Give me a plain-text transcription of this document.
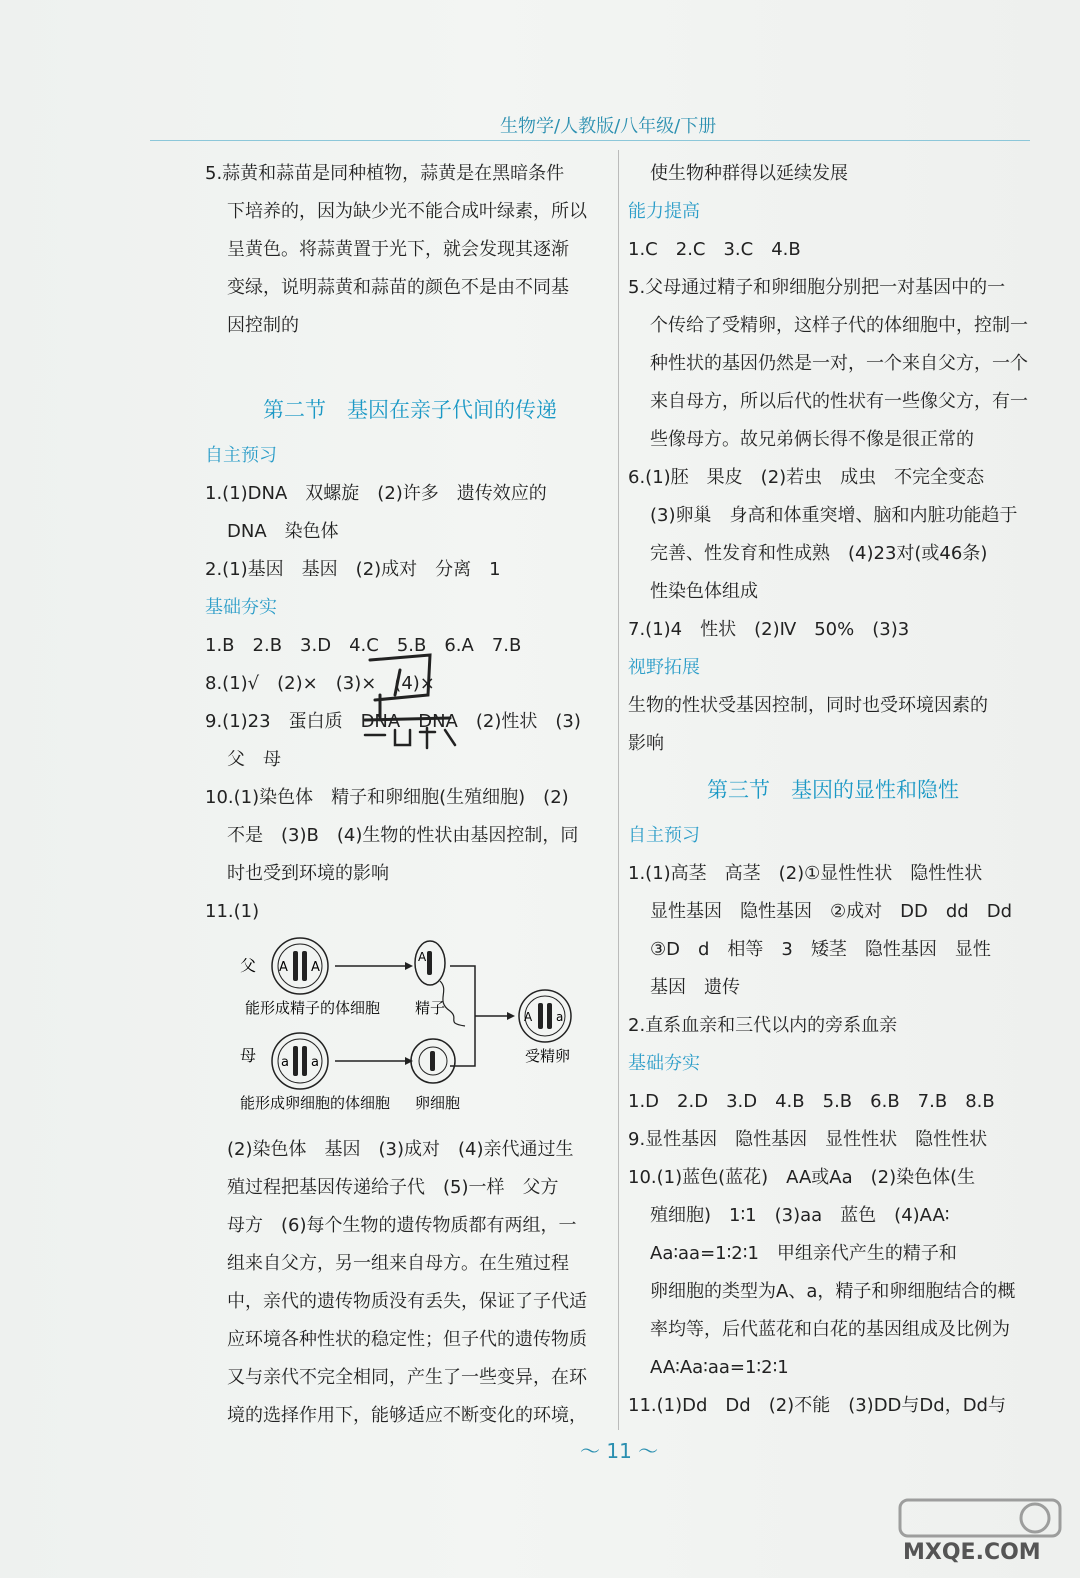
生物学/人教版/八年级/下册
5.蒜黄和蒜苗是同种植物，蒜黄是在黑暗条件
下培养的，因为缺少光不能合成叶绿素，所以
呈黄色。将蒜黄置于光下，就会发现其逐渐
变绿，说明蒜黄和蒜苗的颜色不是由不同基
因控制的
第二节　基因在亲子代间的传递
自主预习
1.(1)DNA　双螺旋　(2)许多　遗传效应的
DNA　染色体
2.(1)基因　基因　(2)成对　分离　1
基础夯实
1.B　2.B　3.D　4.C　5.B　6.A　7.B
8.(1)√　(2)×　(3)×　(4)×
9.(1)23　蛋白质　DNA　DNA　(2)性状　(3)
父　母
10.(1)染色体　精子和卵细胞(生殖细胞)　(2)
不是　(3)B　(4)生物的性状由基因控制，同
时也受到环境的影响
11.(1)
父 A A
能形成精子的体细胞
A
精子	A a
受精卵
母 a a
能形成卵细胞的体细胞 卵细胞
(2)染色体　基因　(3)成对　(4)亲代通过生
殖过程把基因传递给子代　(5)一样　父方
母方　(6)每个生物的遗传物质都有两组，一
组来自父方，另一组来自母方。在生殖过程
中，亲代的遗传物质没有丢失，保证了子代适
应环境各种性状的稳定性；但子代的遗传物质
又与亲代不完全相同，产生了一些变异，在环
境的选择作用下，能够适应不断变化的环境，
使生物种群得以延续发展
能力提高
1.C　2.C　3.C　4.B
5.父母通过精子和卵细胞分别把一对基因中的一
个传给了受精卵，这样子代的体细胞中，控制一
种性状的基因仍然是一对，一个来自父方，一个
来自母方，所以后代的性状有一些像父方，有一
些像母方。故兄弟俩长得不像是很正常的
6.(1)胚　果皮　(2)若虫　成虫　不完全变态
(3)卵巢　身高和体重突增、脑和内脏功能趋于
完善、性发育和性成熟　(4)23对(或46条)
性染色体组成
7.(1)4　性状　(2)Ⅳ　50%　(3)3
视野拓展
生物的性状受基因控制，同时也受环境因素的
影响
第三节　基因的显性和隐性
自主预习
1.(1)高茎　高茎　(2)①显性性状　隐性性状
显性基因　隐性基因　②成对　DD　dd　Dd
③D　d　相等　3　矮茎　隐性基因　显性
基因　遗传
2.直系血亲和三代以内的旁系血亲
基础夯实
1.D　2.D　3.D　4.B　5.B　6.B　7.B　8.B
9.显性基因　隐性基因　显性性状　隐性性状
10.(1)蓝色(蓝花)　AA或Aa　(2)染色体(生
殖细胞)　1∶1　(3)aa　蓝色　(4)AA∶
Aa∶aa=1∶2∶1　甲组亲代产生的精子和
卵细胞的类型为A、a，精子和卵细胞结合的概
率均等，后代蓝花和白花的基因组成及比例为
AA∶Aa∶aa=1∶2∶1
11.(1)Dd　Dd　(2)不能　(3)DD与Dd，Dd与
～ 11 ～
MXQE.COM
